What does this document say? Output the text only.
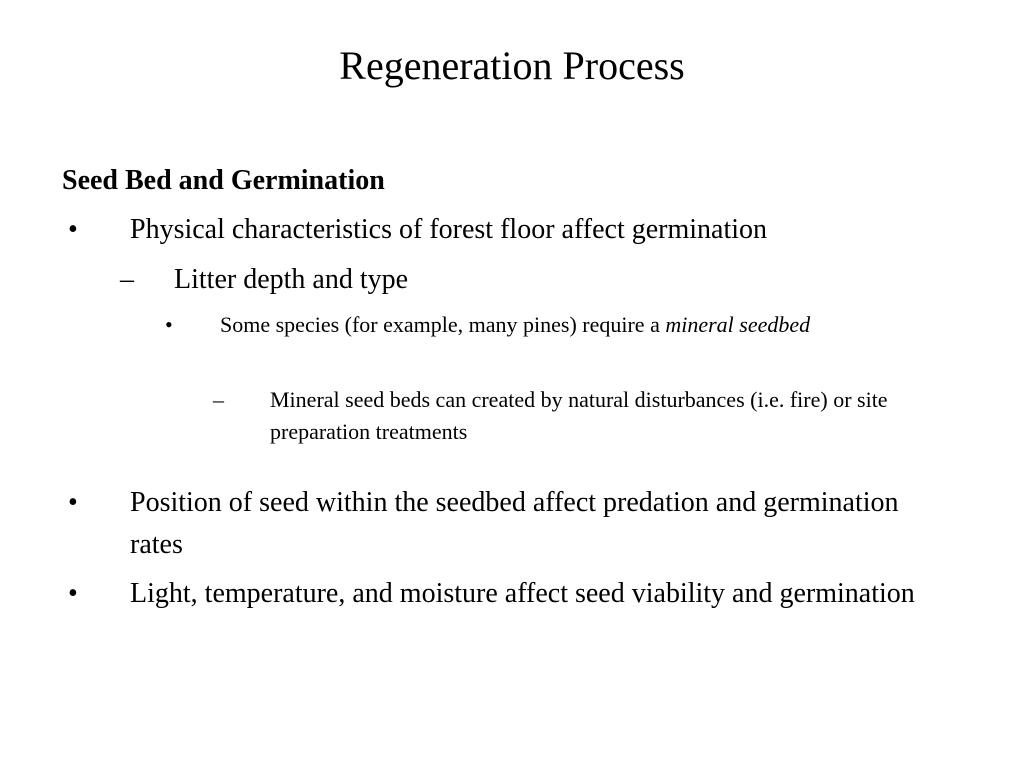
Regeneration Process
Seed Bed and Germination
• Physical characteristics of forest floor affect germination
– Litter depth and type
• Some species (for example, many pines) require a mineral seedbed
– Mineral seed beds can created by natural disturbances (i.e. fire) or site preparation treatments
• Position of seed within the seedbed affect predation and germination rates
• Light, temperature, and moisture affect seed viability and germination
